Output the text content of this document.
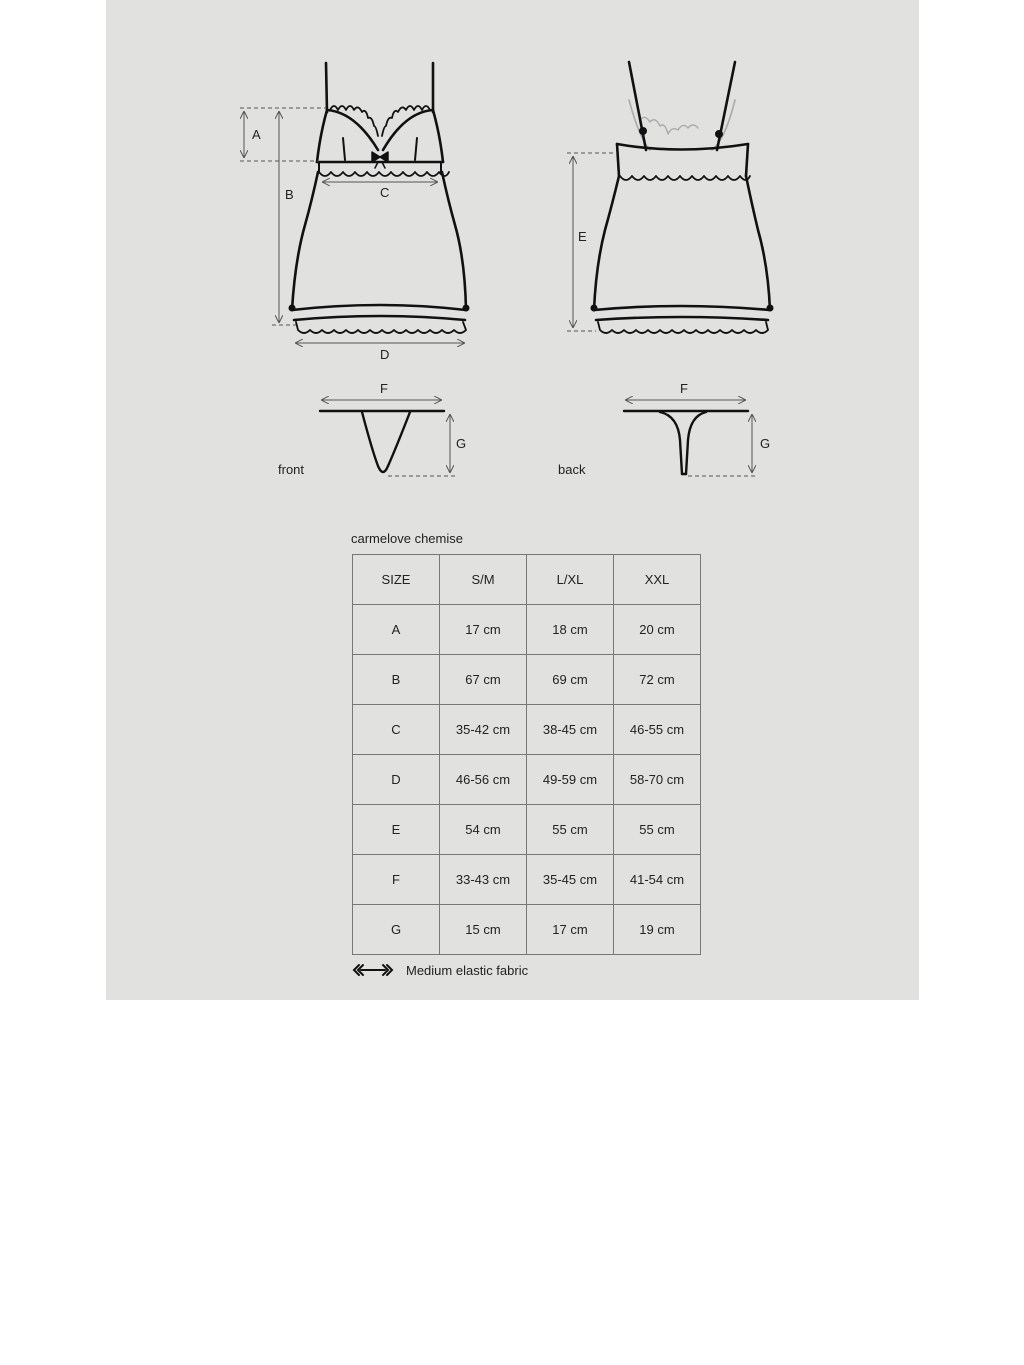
A
B	C
D
E
F
G
F
G
front	back
carmelove chemise
SIZE	S/M	L/XL	XXL
A	17 cm	18 cm	20 cm
B	67 cm	69 cm	72 cm
C	35-42 cm	38-45 cm	46-55 cm
D	46-56 cm	49-59 cm	58-70 cm
E	54 cm	55 cm	55 cm
F	33-43 cm	35-45 cm	41-54 cm
G	15 cm	17 cm	19 cm
Medium elastic fabric
